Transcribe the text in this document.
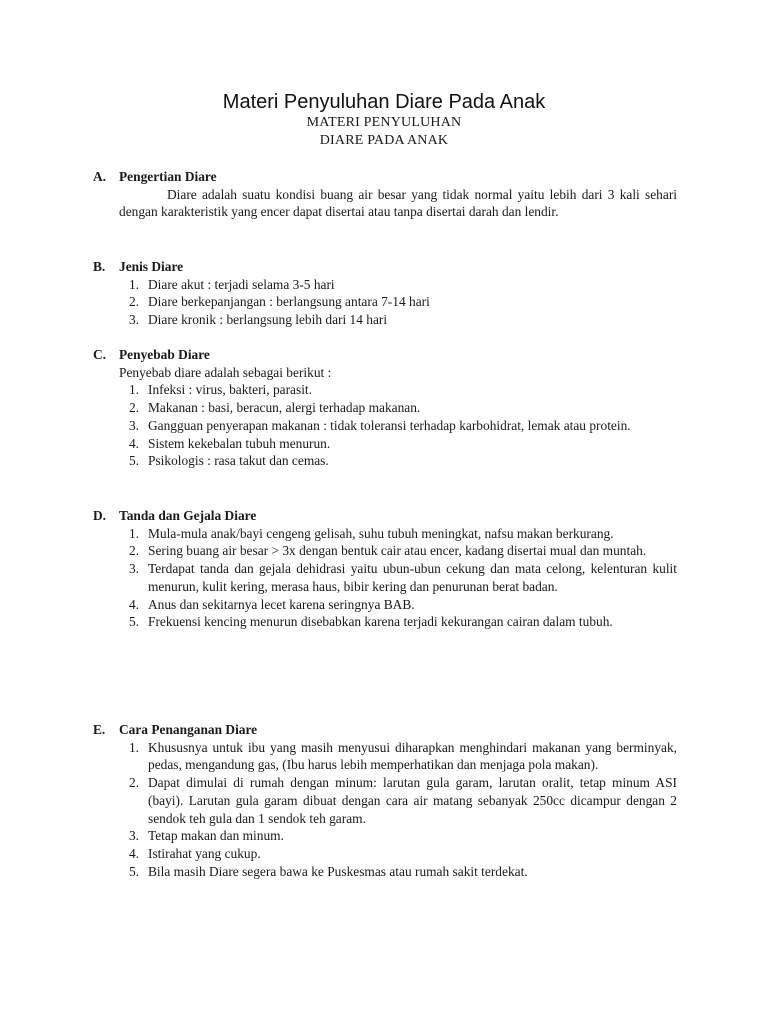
Materi Penyuluhan Diare Pada Anak
MATERI PENYULUHAN
DIARE PADA ANAK
A. Pengertian Diare
Diare adalah suatu kondisi buang air besar yang tidak normal yaitu lebih dari 3 kali sehari dengan karakteristik yang encer dapat disertai atau tanpa disertai darah dan lendir.
B.	Jenis Diare
1. Diare akut : terjadi selama 3-5 hari
2. Diare berkepanjangan : berlangsung antara 7-14 hari
3. Diare kronik : berlangsung lebih dari 14 hari
C. Penyebab Diare
Penyebab diare adalah sebagai berikut :
1. Infeksi : virus, bakteri, parasit.
2. Makanan : basi, beracun, alergi terhadap makanan.
3. Gangguan penyerapan makanan : tidak toleransi terhadap karbohidrat, lemak atau protein.
4. Sistem kekebalan tubuh menurun.
5. Psikologis : rasa takut dan cemas.
D. Tanda dan Gejala Diare
1. Mula-mula anak/bayi cengeng gelisah, suhu tubuh meningkat, nafsu makan berkurang.
2. Sering buang air besar > 3x dengan bentuk cair atau encer, kadang disertai mual dan muntah.
3. Terdapat tanda dan gejala dehidrasi yaitu ubun-ubun cekung dan mata celong, kelenturan kulit menurun, kulit kering, merasa haus, bibir kering dan penurunan berat badan.
4. Anus dan sekitarnya lecet karena seringnya BAB.
5. Frekuensi kencing menurun disebabkan karena terjadi kekurangan cairan dalam tubuh.
E.	Cara Penanganan Diare
1. Khususnya untuk ibu yang masih menyusui diharapkan menghindari makanan yang berminyak, pedas, mengandung gas, (Ibu harus lebih memperhatikan dan menjaga pola makan).
2. Dapat dimulai di rumah dengan minum: larutan gula garam, larutan oralit, tetap minum ASI (bayi). Larutan gula garam dibuat dengan cara air matang sebanyak 250cc dicampur dengan 2 sendok teh gula dan 1 sendok teh garam.
3. Tetap makan dan minum.
4. Istirahat yang cukup.
5. Bila masih Diare segera bawa ke Puskesmas atau rumah sakit terdekat.
